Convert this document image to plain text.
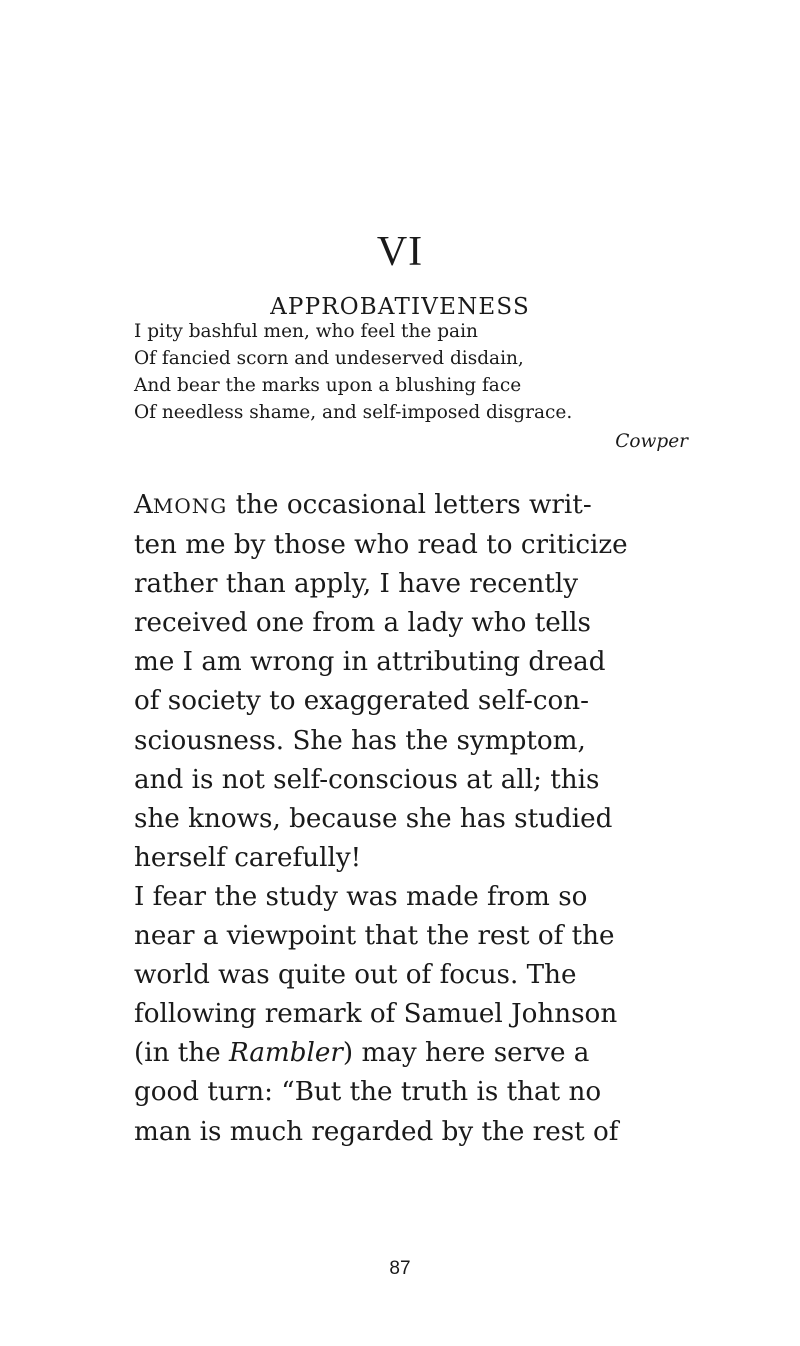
VI
APPROBATIVENESS
I pity bashful men, who feel the pain
Of fancied scorn and undeserved disdain,
And bear the marks upon a blushing face
Of needless shame, and self-imposed disgrace.
Cowper
AMONG the occasional letters writ-
ten me by those who read to criticize
rather than apply, I have recently
received one from a lady who tells
me I am wrong in attributing dread
of society to exaggerated self-con-
sciousness. She has the symptom,
and is not self-conscious at all; this
she knows, because she has studied
herself carefully!
I fear the study was made from so
near a viewpoint that the rest of the
world was quite out of focus. The
following remark of Samuel Johnson
(in the Rambler) may here serve a
good turn: “But the truth is that no
man is much regarded by the rest of
87
